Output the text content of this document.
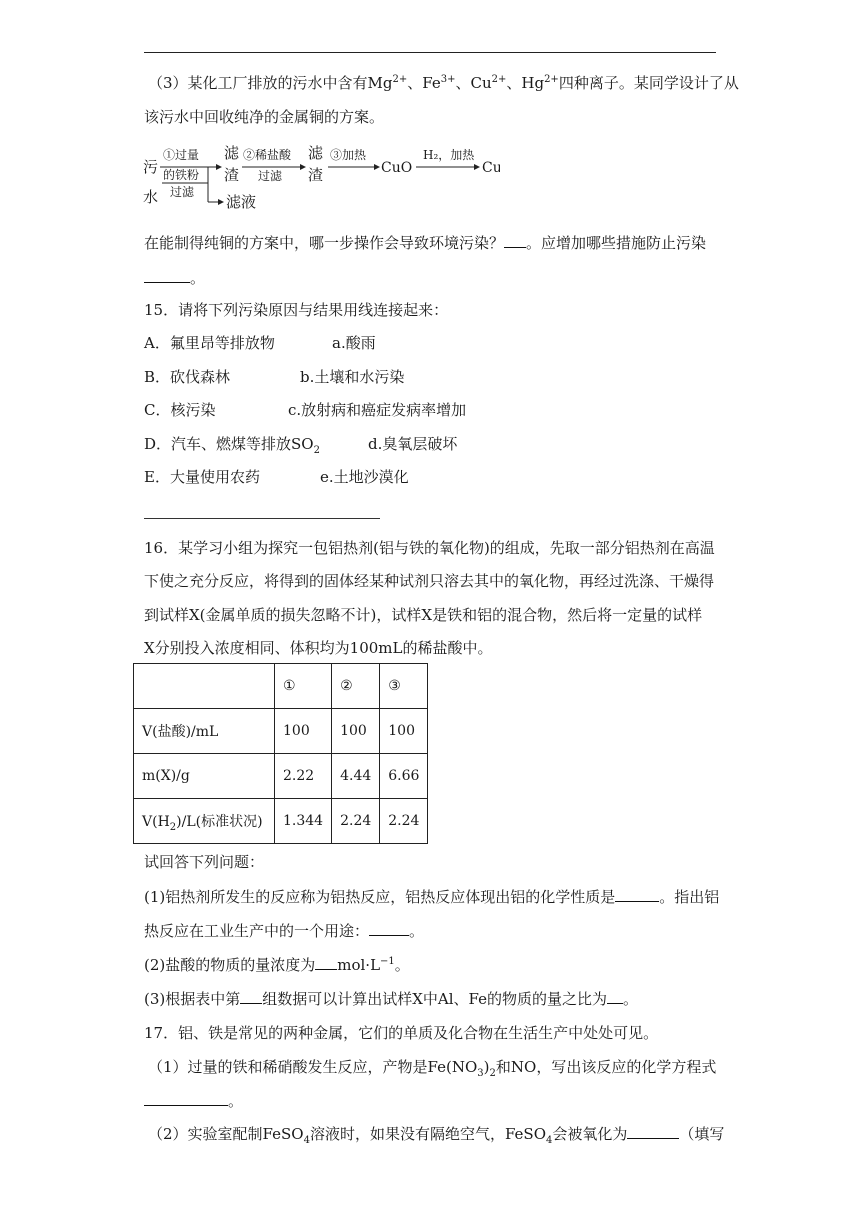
（3）某化工厂排放的污水中含有$Mg^{2+}$、$Fe^{3+}$、$Cu^{2+}$、$Hg^{2+}$四种离子。某同学设计了从
该污水中回收纯净的金属铜的方案。
污
水
①过量
的铁粉
过滤
滤液
滤
渣
②稀盐酸
过滤
滤
渣
③加热
CuO
H₂，加热
Cu
在能制得纯铜的方案中，哪一步操作会导致环境污染？ 。应增加哪些措施防止污染
。
15．请将下列污染原因与结果用线连接起来：
A．氟里昂等排放物	a.酸雨
B．砍伐森林	b.土壤和水污染
C．核污染	c.放射病和癌症发病率增加
D．汽车、燃煤等排放$SO_2$	d.臭氧层破坏
E．大量使用农药	e.土地沙漠化
16．某学习小组为探究一包铝热剂(铝与铁的氧化物)的组成，先取一部分铝热剂在高温
下使之充分反应，将得到的固体经某种试剂只溶去其中的氧化物，再经过洗涤、干燥得
到试样X(金属单质的损失忽略不计)，试样X是铁和铝的混合物，然后将一定量的试样
X分别投入浓度相同、体积均为100mL的稀盐酸中。
	①	②	③
V(盐酸)/mL	100	100	100
m(X)/g	2.22	4.44	6.66
$V(H_2)/L$(标准状况)	1.344	2.24	2.24
试回答下列问题：
(1)铝热剂所发生的反应称为铝热反应，铝热反应体现出铝的化学性质是	。指出铝
热反应在工业生产中的一个用途：	。
(2)盐酸的物质的量浓度为 $mol\cdot L^{-1}$。
(3)根据表中第 组数据可以计算出试样X中Al、Fe的物质的量之比为 。
17．铝、铁是常见的两种金属，它们的单质及化合物在生活生产中处处可见。
（1）过量的铁和稀硝酸发生反应，产物是$Fe(NO_3)_2$和NO，写出该反应的化学方程式
。
（2）实验室配制FeSO$_4$溶液时，如果没有隔绝空气，FeSO$_4$会被氧化为	（填写
